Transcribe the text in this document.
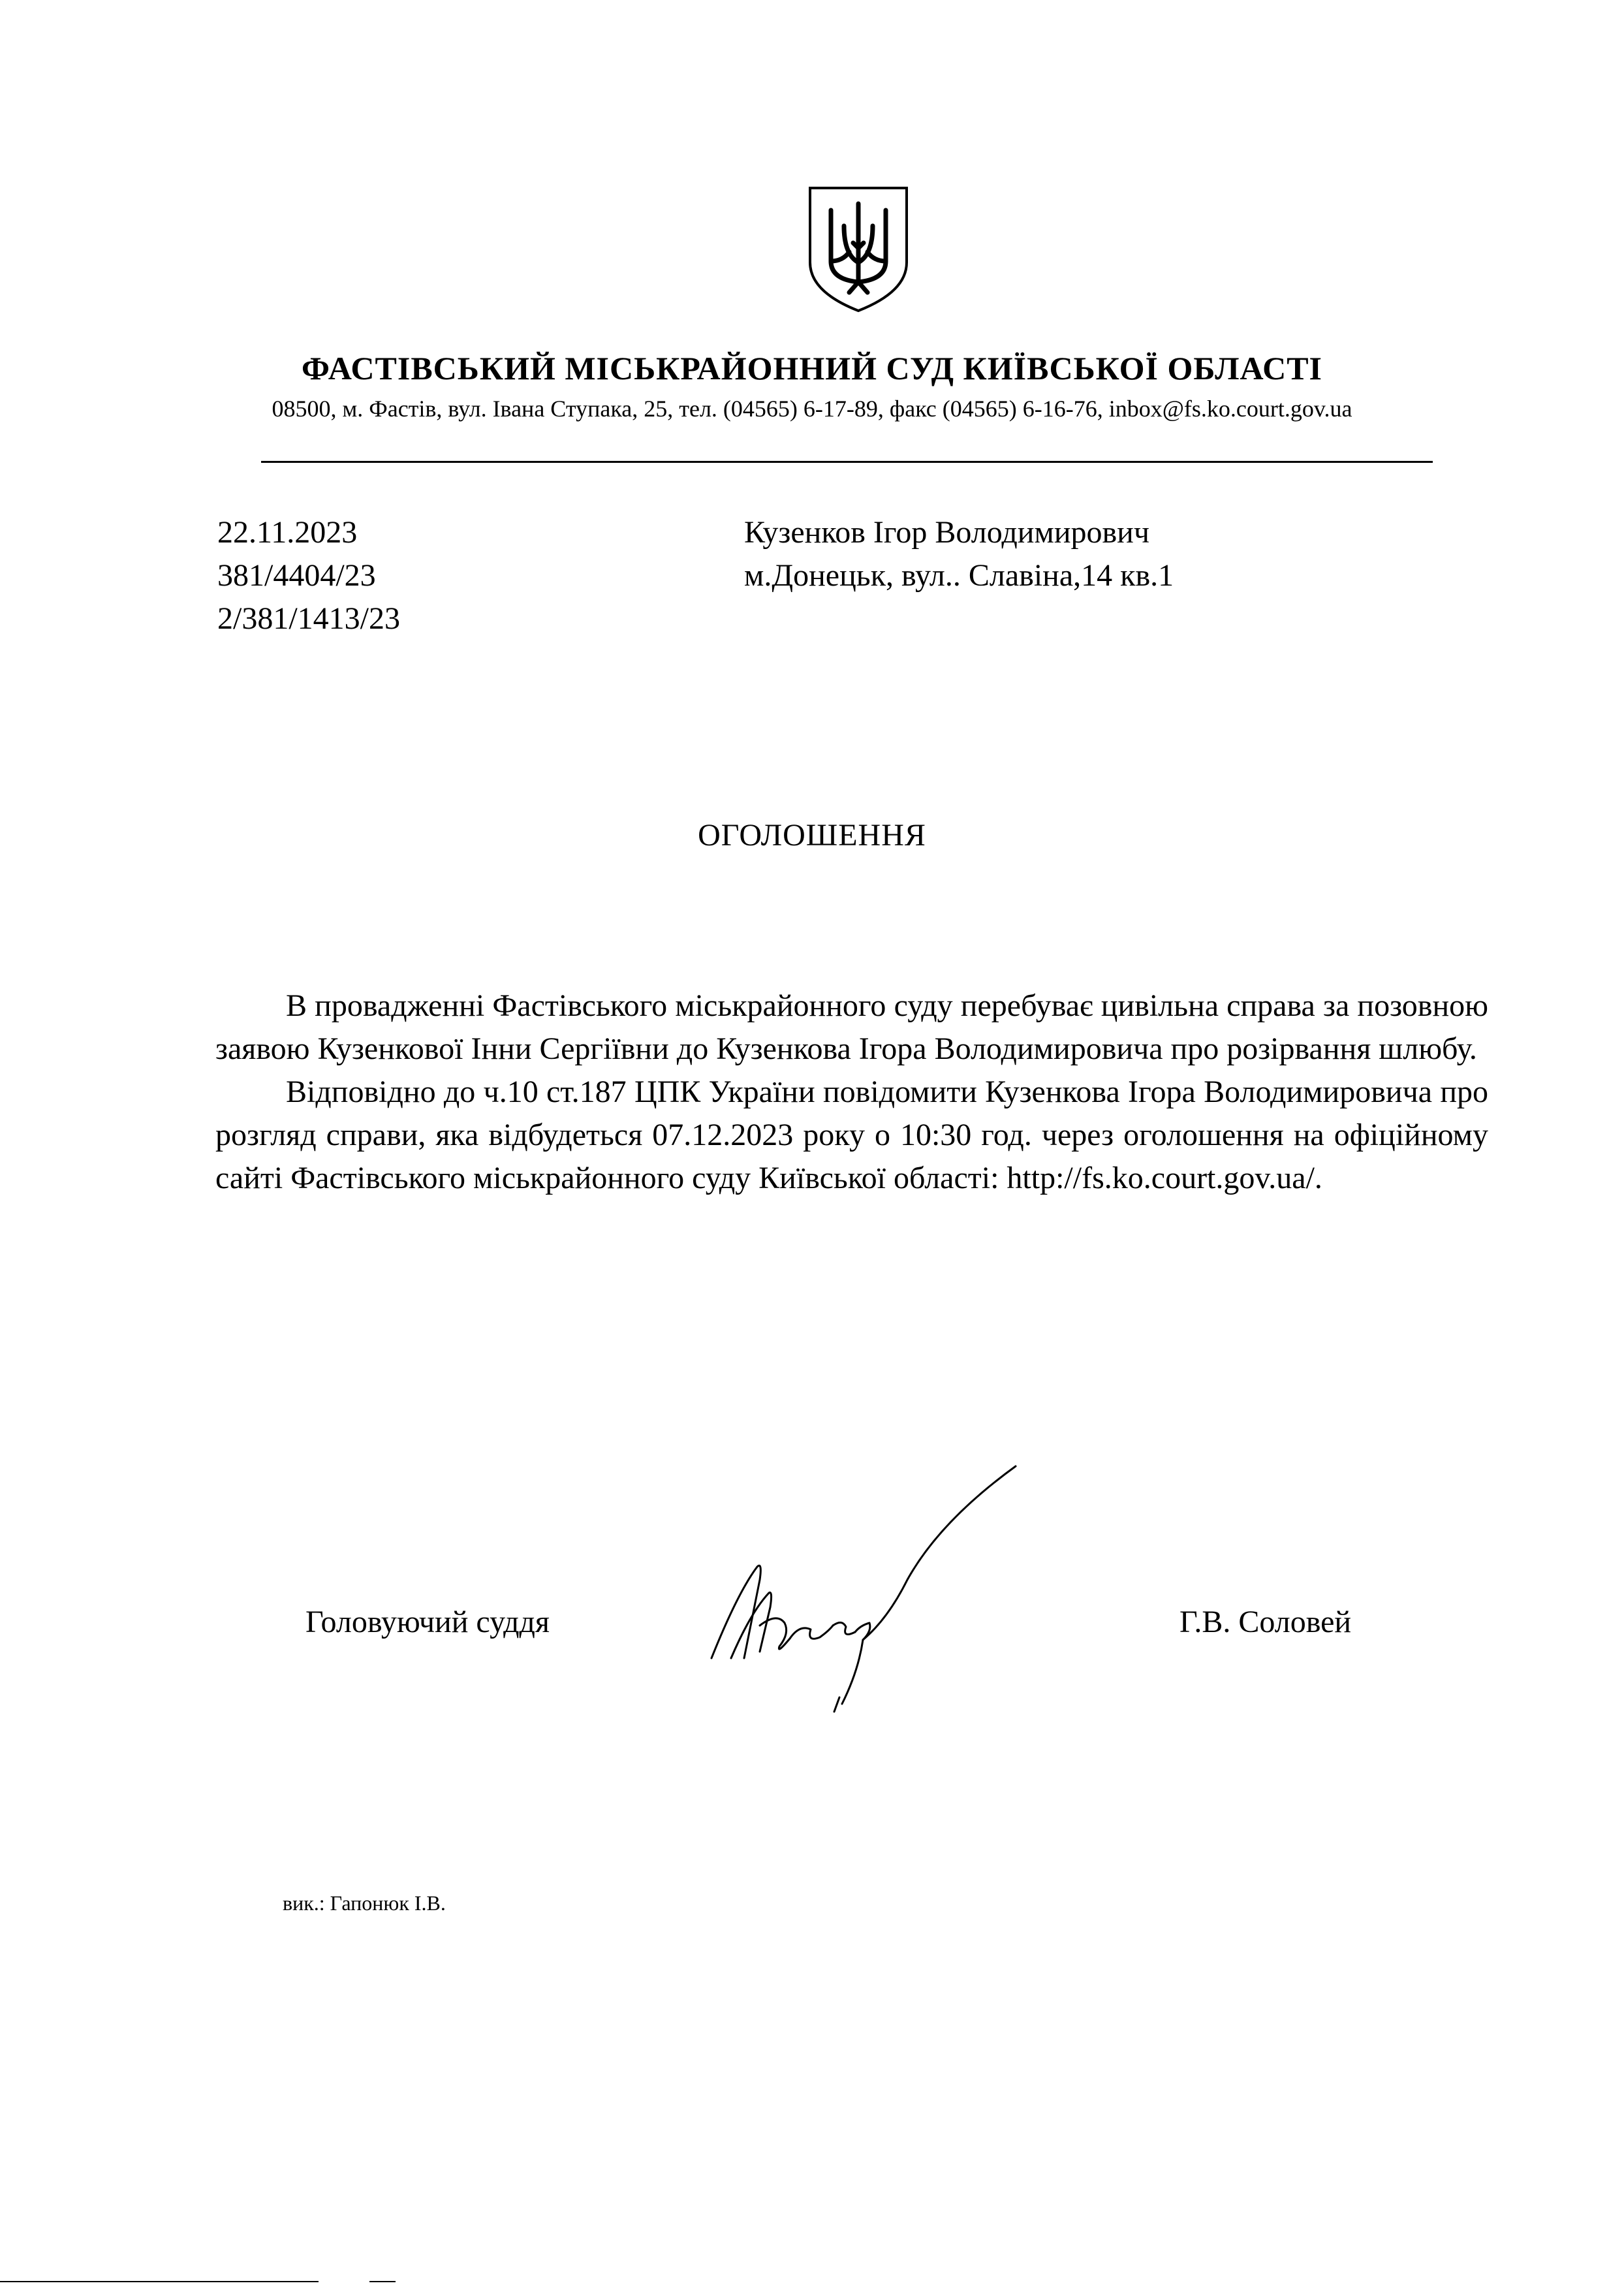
ФАСТІВСЬКИЙ МІСЬКРАЙОННИЙ СУД КИЇВСЬКОЇ ОБЛАСТІ
08500, м. Фастів, вул. Івана Ступака, 25, тел. (04565) 6-17-89, факс (04565) 6-16-76, inbox@fs.ko.court.gov.ua
22.11.2023
381/4404/23
2/381/1413/23
Кузенков Ігор Володимирович
м.Донецьк, вул.. Славіна,14 кв.1
ОГОЛОШЕННЯ

В провадженні Фастівського міськрайонного суду перебуває цивільна справа за позовною заявою Кузенкової Інни Сергіївни до Кузенкова Ігора Володимировича про розірвання шлюбу.

Відповідно до ч.10 ст.187 ЦПК України повідомити Кузенкова Ігора Володимировича про розгляд справи, яка відбудеться 07.12.2023 року о 10:30 год. через оголошення на офіційному сайті Фастівського міськрайонного суду Київської області: http://fs.ko.court.gov.ua/.

Головуючий суддя	Г.В. Соловей
вик.: Гапонюк І.В.
